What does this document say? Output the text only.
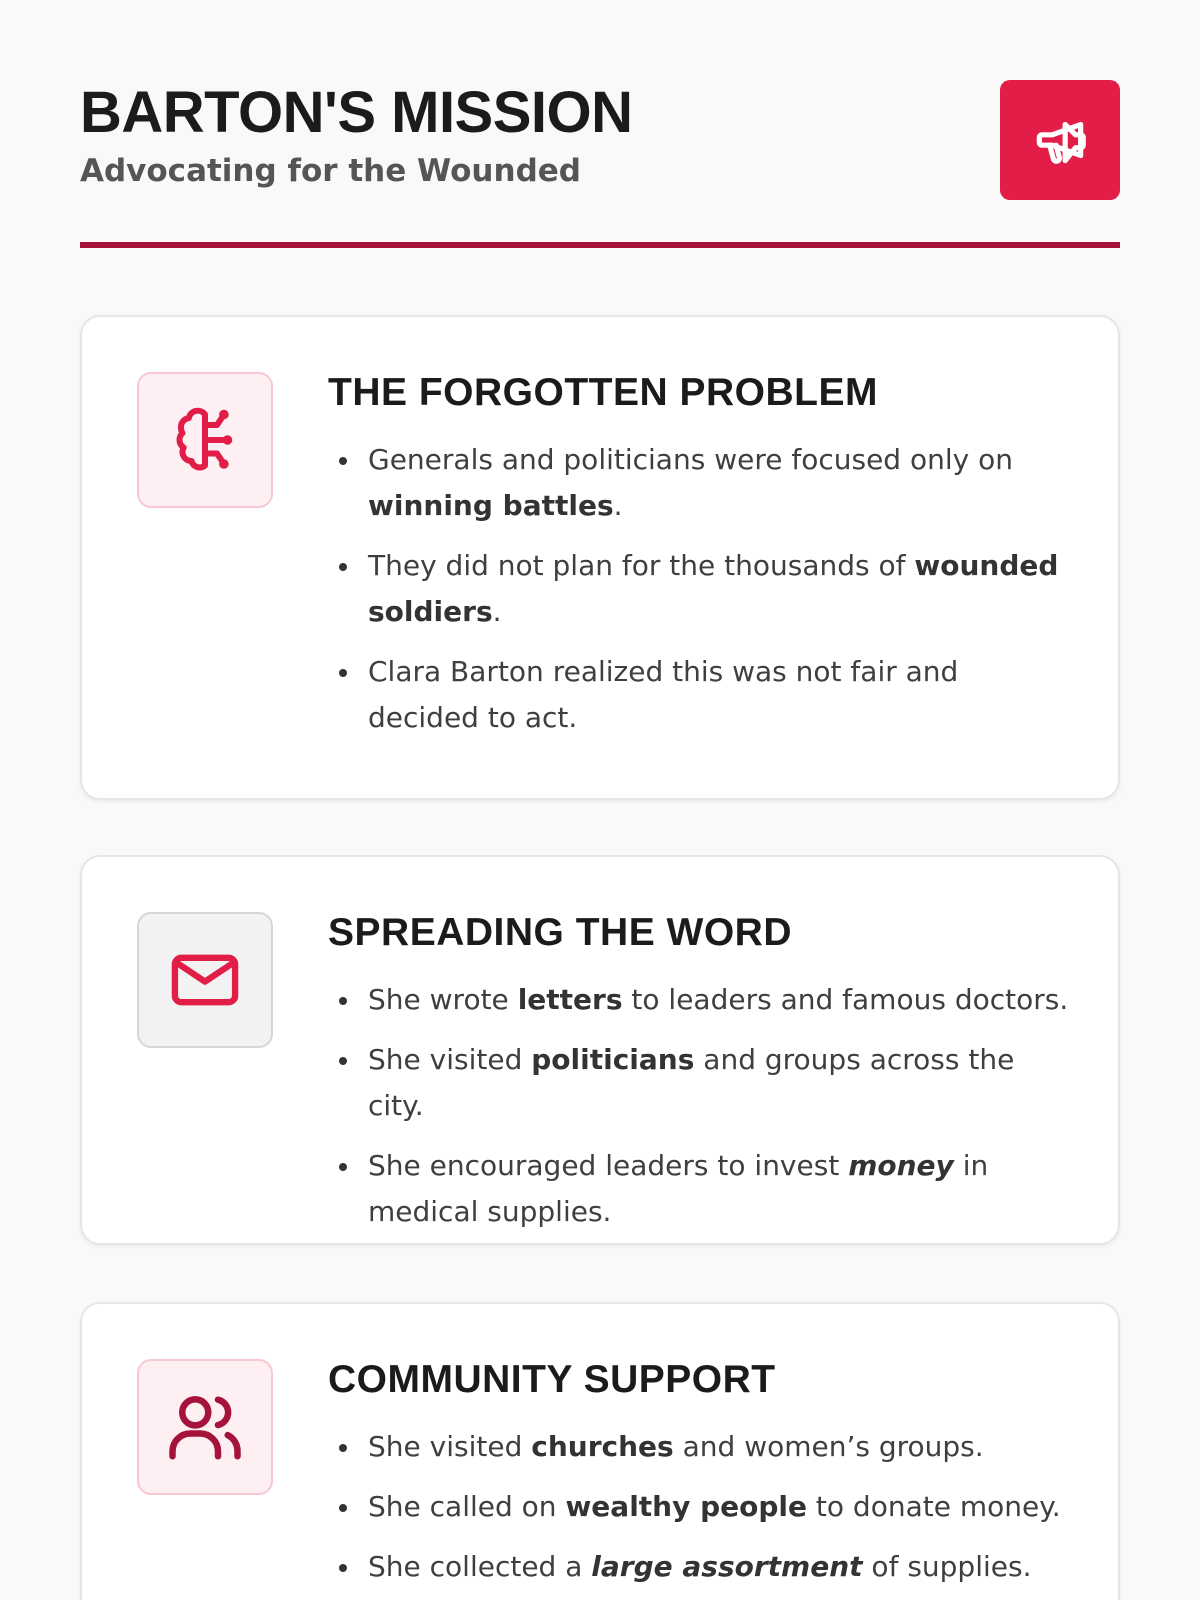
BARTON'S MISSION
Advocating for the Wounded
THE FORGOTTEN PROBLEM
Generals and politicians were focused only on winning battles.
They did not plan for the thousands of wounded soldiers.
Clara Barton realized this was not fair and decided to act.
SPREADING THE WORD
She wrote letters to leaders and famous doctors.
She visited politicians and groups across the city.
She encouraged leaders to invest money in medical supplies.
COMMUNITY SUPPORT
She visited churches and women’s groups.
She called on wealthy people to donate money.
She collected a large assortment of supplies.
